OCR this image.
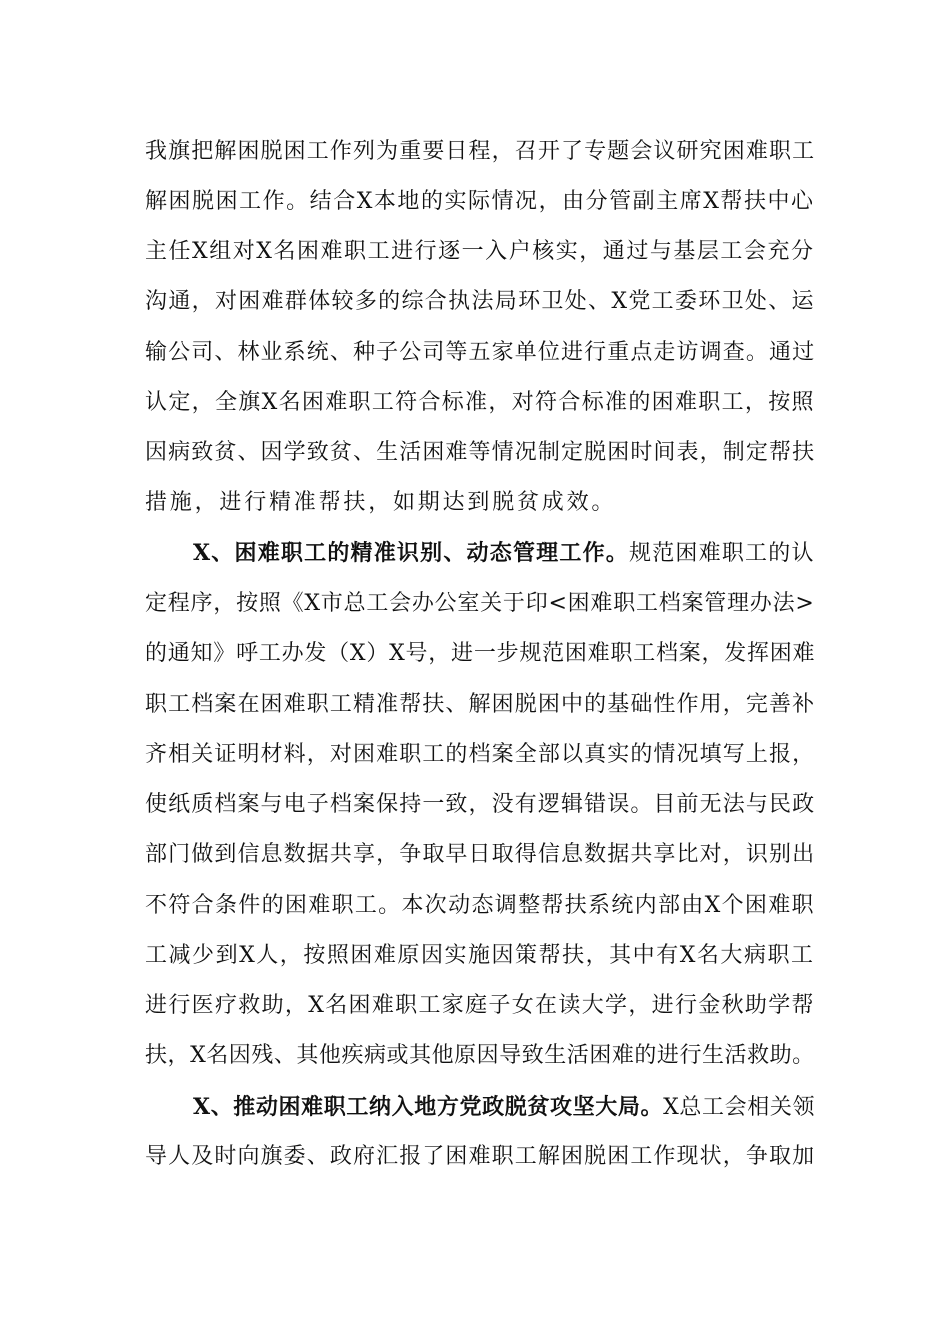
我旗把解困脱困工作列为重要日程，召开了专题会议研究困难职工
解困脱困工作。结合X本地的实际情况，由分管副主席X帮扶中心
主任X组对X名困难职工进行逐一入户核实，通过与基层工会充分
沟通，对困难群体较多的综合执法局环卫处、X党工委环卫处、运
输公司、林业系统、种子公司等五家单位进行重点走访调查。通过
认定，全旗X名困难职工符合标准，对符合标准的困难职工，按照
因病致贫、因学致贫、生活困难等情况制定脱困时间表，制定帮扶
措施，进行精准帮扶，如期达到脱贫成效。
X、困难职工的精准识别、动态管理工作。规范困难职工的认
定程序，按照《X市总工会办公室关于印<困难职工档案管理办法>
的通知》呼工办发（X）X号，进一步规范困难职工档案，发挥困难
职工档案在困难职工精准帮扶、解困脱困中的基础性作用，完善补
齐相关证明材料，对困难职工的档案全部以真实的情况填写上报，
使纸质档案与电子档案保持一致，没有逻辑错误。目前无法与民政
部门做到信息数据共享，争取早日取得信息数据共享比对，识别出
不符合条件的困难职工。本次动态调整帮扶系统内部由X个困难职
工减少到X人，按照困难原因实施因策帮扶，其中有X名大病职工
进行医疗救助，X名困难职工家庭子女在读大学，进行金秋助学帮
扶，X名因残、其他疾病或其他原因导致生活困难的进行生活救助。
X、推动困难职工纳入地方党政脱贫攻坚大局。X总工会相关领
导人及时向旗委、政府汇报了困难职工解困脱困工作现状，争取加
